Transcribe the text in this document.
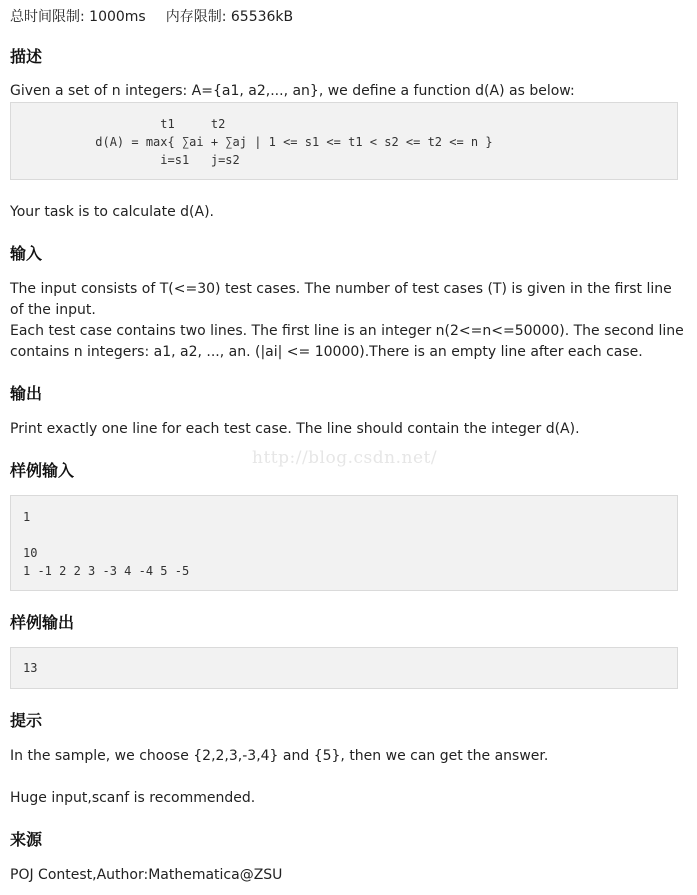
总时间限制: 1000ms 内存限制: 65536kB
描述

Given a set of n integers: A={a1, a2,..., an}, we define a function d(A) as below:

t1     t2
d(A) = max{ ∑ai + ∑aj | 1 <= s1 <= t1 < s2 <= t2 <= n }
i=s1   j=s2

Your task is to calculate d(A).

输入

The input consists of T(<=30) test cases. The number of test cases (T) is given in the first line of the input.

Each test case contains two lines. The first line is an integer n(2<=n<=50000). The second line contains n integers: a1, a2, ..., an. (|ai| <= 10000).There is an empty line after each case.

输出

Print exactly one line for each test case. The line should contain the integer d(A).

样例输入
1

10
1 -1 2 2 3 -3 4 -4 5 -5
样例输出
13
提示

In the sample, we choose {2,2,3,-3,4} and {5}, then we can get the answer.

Huge input,scanf is recommended.

来源

POJ Contest,Author:Mathematica@ZSU

http://blog.csdn.net/
